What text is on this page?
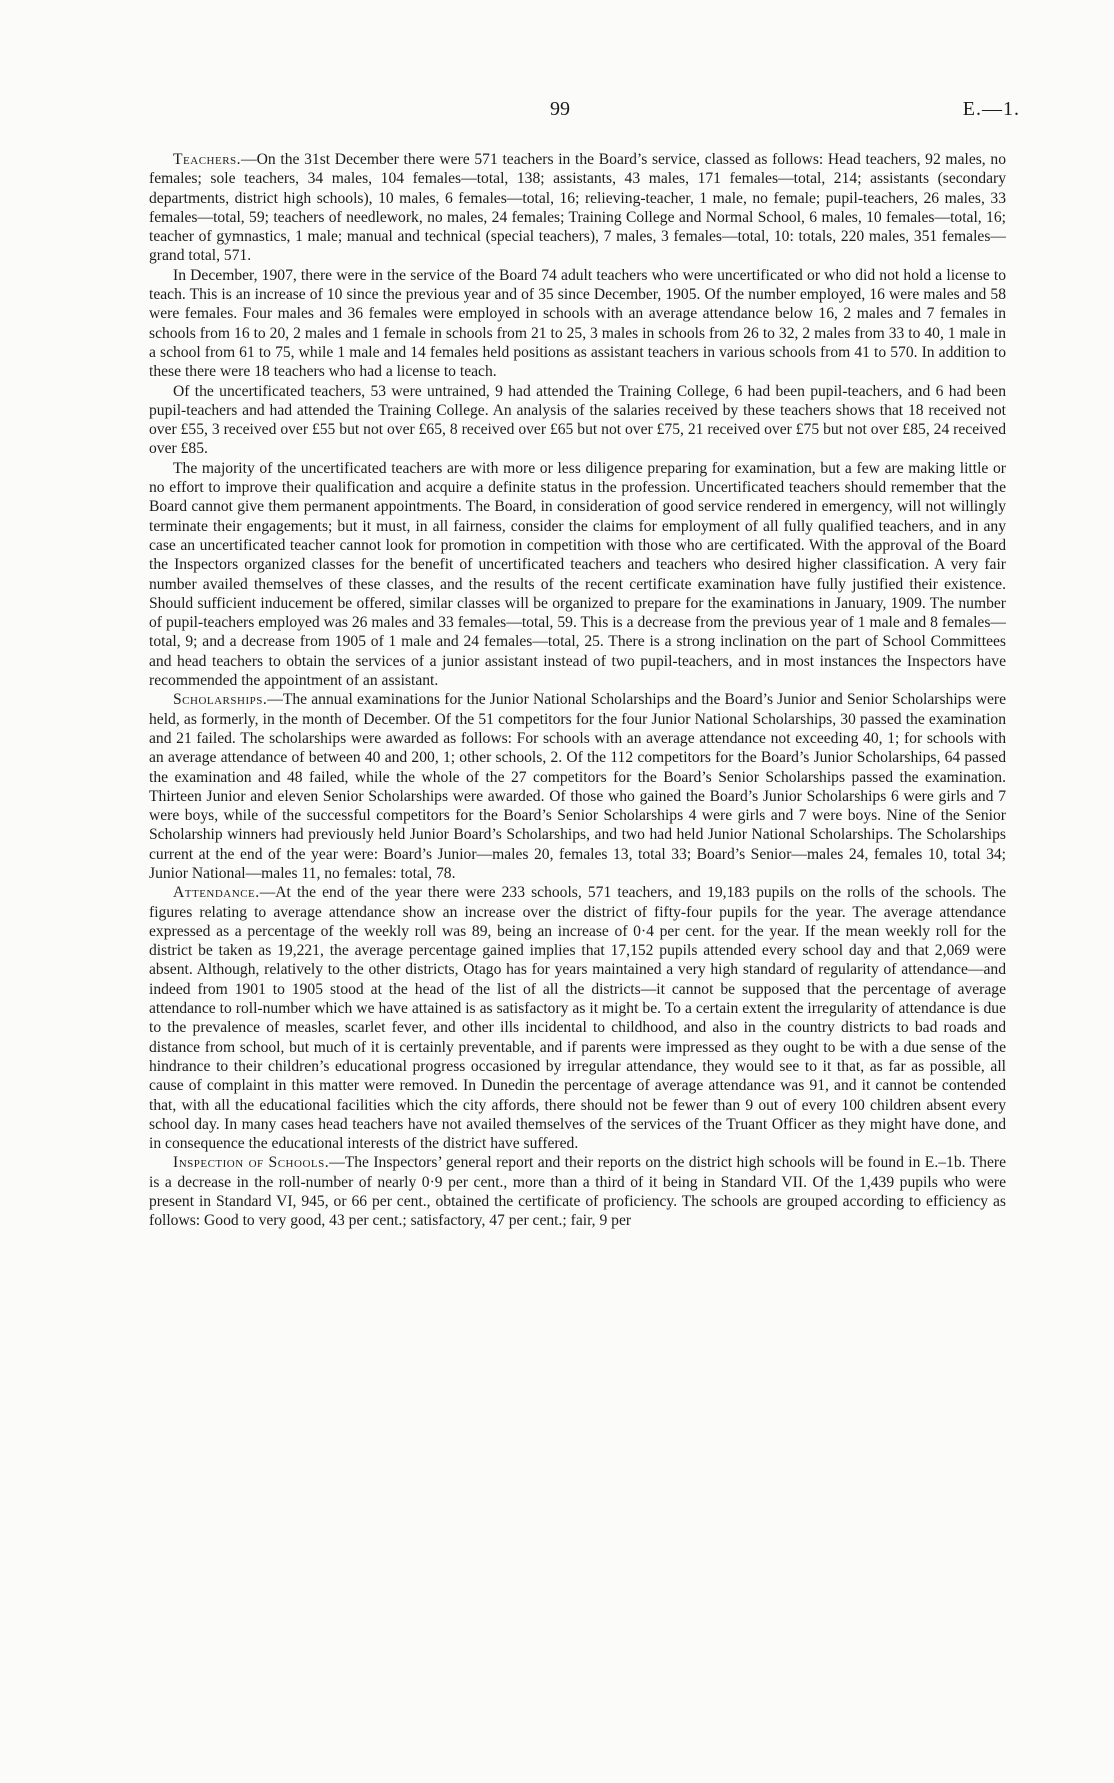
99	E.—1.

Teachers.—On the 31st December there were 571 teachers in the Board’s service, classed as follows: Head teachers, 92 males, no females; sole teachers, 34 males, 104 females—total, 138; assistants, 43 males, 171 females—total, 214; assistants (secondary departments, district high schools), 10 males, 6 females—total, 16; relieving-teacher, 1 male, no female; pupil-teachers, 26 males, 33 females—total, 59; teachers of needlework, no males, 24 females; Training College and Normal School, 6 males, 10 females—total, 16; teacher of gymnastics, 1 male; manual and technical (special teachers), 7 males, 3 females—total, 10: totals, 220 males, 351 females—grand total, 571.

In December, 1907, there were in the service of the Board 74 adult teachers who were uncertificated or who did not hold a license to teach. This is an increase of 10 since the previous year and of 35 since December, 1905. Of the number employed, 16 were males and 58 were females. Four males and 36 females were employed in schools with an average attendance below 16, 2 males and 7 females in schools from 16 to 20, 2 males and 1 female in schools from 21 to 25, 3 males in schools from 26 to 32, 2 males from 33 to 40, 1 male in a school from 61 to 75, while 1 male and 14 females held positions as assistant teachers in various schools from 41 to 570. In addition to these there were 18 teachers who had a license to teach.

Of the uncertificated teachers, 53 were untrained, 9 had attended the Training College, 6 had been pupil-teachers, and 6 had been pupil-teachers and had attended the Training College. An analysis of the salaries received by these teachers shows that 18 received not over £55, 3 received over £55 but not over £65, 8 received over £65 but not over £75, 21 received over £75 but not over £85, 24 received over £85.

The majority of the uncertificated teachers are with more or less diligence preparing for examination, but a few are making little or no effort to improve their qualification and acquire a definite status in the profession. Uncertificated teachers should remember that the Board cannot give them permanent appointments. The Board, in consideration of good service rendered in emergency, will not willingly terminate their engagements; but it must, in all fairness, consider the claims for employment of all fully qualified teachers, and in any case an uncertificated teacher cannot look for promotion in competition with those who are certificated. With the approval of the Board the Inspectors organized classes for the benefit of uncertificated teachers and teachers who desired higher classification. A very fair number availed themselves of these classes, and the results of the recent certificate examination have fully justified their existence. Should sufficient inducement be offered, similar classes will be organized to prepare for the examinations in January, 1909. The number of pupil-teachers employed was 26 males and 33 females—total, 59. This is a decrease from the previous year of 1 male and 8 females—total, 9; and a decrease from 1905 of 1 male and 24 females—total, 25. There is a strong inclination on the part of School Committees and head teachers to obtain the services of a junior assistant instead of two pupil-teachers, and in most instances the Inspectors have recommended the appointment of an assistant.

Scholarships.—The annual examinations for the Junior National Scholarships and the Board’s Junior and Senior Scholarships were held, as formerly, in the month of December. Of the 51 competitors for the four Junior National Scholarships, 30 passed the examination and 21 failed. The scholarships were awarded as follows: For schools with an average attendance not exceeding 40, 1; for schools with an average attendance of between 40 and 200, 1; other schools, 2. Of the 112 competitors for the Board’s Junior Scholarships, 64 passed the examination and 48 failed, while the whole of the 27 competitors for the Board’s Senior Scholarships passed the examination. Thirteen Junior and eleven Senior Scholarships were awarded. Of those who gained the Board’s Junior Scholarships 6 were girls and 7 were boys, while of the successful competitors for the Board’s Senior Scholarships 4 were girls and 7 were boys. Nine of the Senior Scholarship winners had previously held Junior Board’s Scholarships, and two had held Junior National Scholarships. The Scholarships current at the end of the year were: Board’s Junior—males 20, females 13, total 33; Board’s Senior—males 24, females 10, total 34; Junior National—males 11, no females: total, 78.

Attendance.—At the end of the year there were 233 schools, 571 teachers, and 19,183 pupils on the rolls of the schools. The figures relating to average attendance show an increase over the district of fifty-four pupils for the year. The average attendance expressed as a percentage of the weekly roll was 89, being an increase of 0·4 per cent. for the year. If the mean weekly roll for the district be taken as 19,221, the average percentage gained implies that 17,152 pupils attended every school day and that 2,069 were absent. Although, relatively to the other districts, Otago has for years maintained a very high standard of regularity of attendance—and indeed from 1901 to 1905 stood at the head of the list of all the districts—it cannot be supposed that the percentage of average attendance to roll-number which we have attained is as satisfactory as it might be. To a certain extent the irregularity of attendance is due to the prevalence of measles, scarlet fever, and other ills incidental to childhood, and also in the country districts to bad roads and distance from school, but much of it is certainly preventable, and if parents were impressed as they ought to be with a due sense of the hindrance to their children’s educational progress occasioned by irregular attendance, they would see to it that, as far as possible, all cause of complaint in this matter were removed. In Dunedin the percentage of average attendance was 91, and it cannot be contended that, with all the educational facilities which the city affords, there should not be fewer than 9 out of every 100 children absent every school day. In many cases head teachers have not availed themselves of the services of the Truant Officer as they might have done, and in consequence the educational interests of the district have suffered.

Inspection of Schools.—The Inspectors’ general report and their reports on the district high schools will be found in E.–1b. There is a decrease in the roll-number of nearly 0·9 per cent., more than a third of it being in Standard VII. Of the 1,439 pupils who were present in Standard VI, 945, or 66 per cent., obtained the certificate of proficiency. The schools are grouped according to efficiency as follows: Good to very good, 43 per cent.; satisfactory, 47 per cent.; fair, 9 per
